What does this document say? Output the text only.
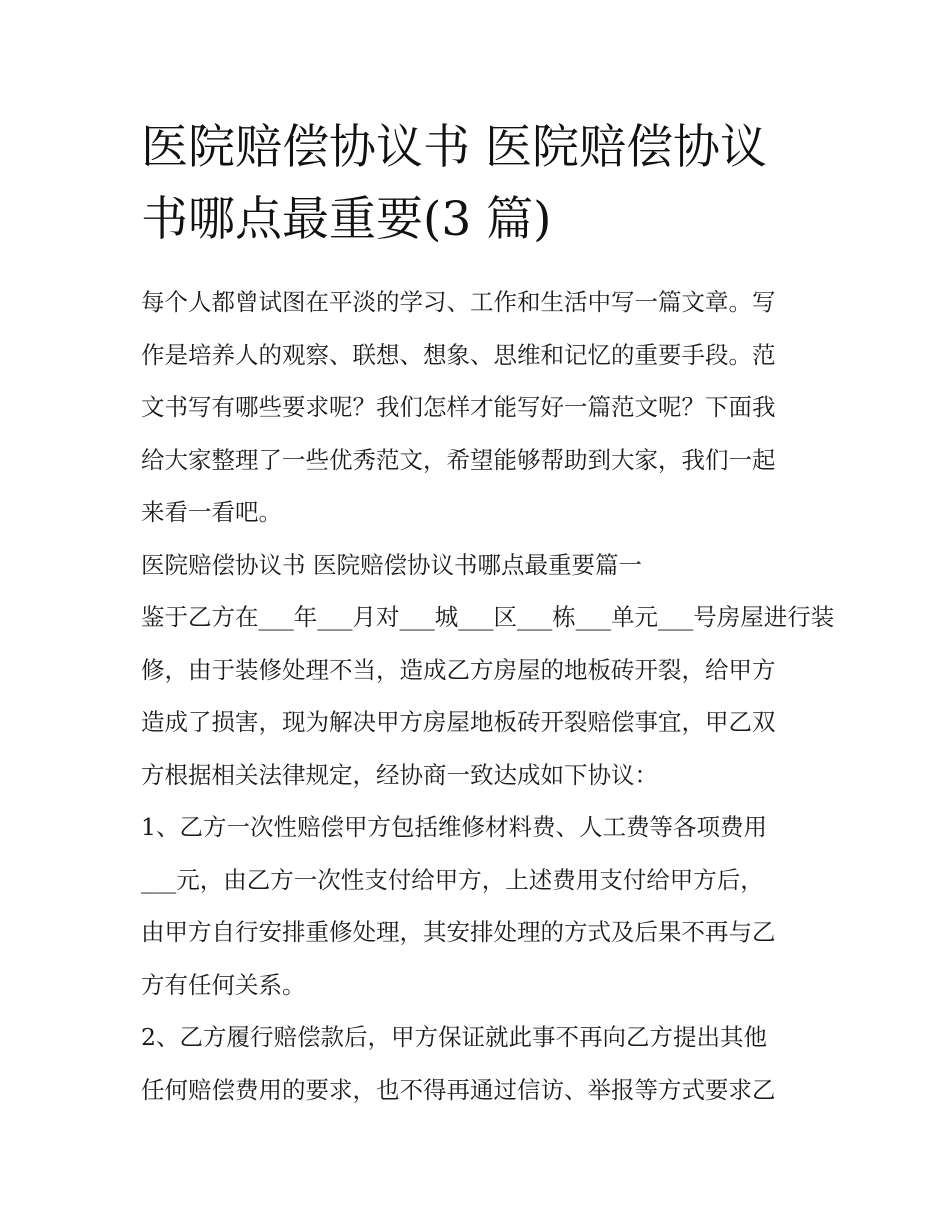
医院赔偿协议书 医院赔偿协议
书哪点最重要(3 篇)

每个人都曾试图在平淡的学习、工作和生活中写一篇文章。写
作是培养人的观察、联想、想象、思维和记忆的重要手段。范
文书写有哪些要求呢？我们怎样才能写好一篇范文呢？下面我
给大家整理了一些优秀范文，希望能够帮助到大家，我们一起
来看一看吧。

医院赔偿协议书 医院赔偿协议书哪点最重要篇一

鉴于乙方在___年___月对___城___区___栋___单元___号房屋进行装
修，由于装修处理不当，造成乙方房屋的地板砖开裂，给甲方
造成了损害，现为解决甲方房屋地板砖开裂赔偿事宜，甲乙双
方根据相关法律规定，经协商一致达成如下协议：

1、乙方一次性赔偿甲方包括维修材料费、人工费等各项费用
___元，由乙方一次性支付给甲方，上述费用支付给甲方后，
由甲方自行安排重修处理，其安排处理的方式及后果不再与乙
方有任何关系。

2、乙方履行赔偿款后，甲方保证就此事不再向乙方提出其他
任何赔偿费用的要求，也不得再通过信访、举报等方式要求乙
